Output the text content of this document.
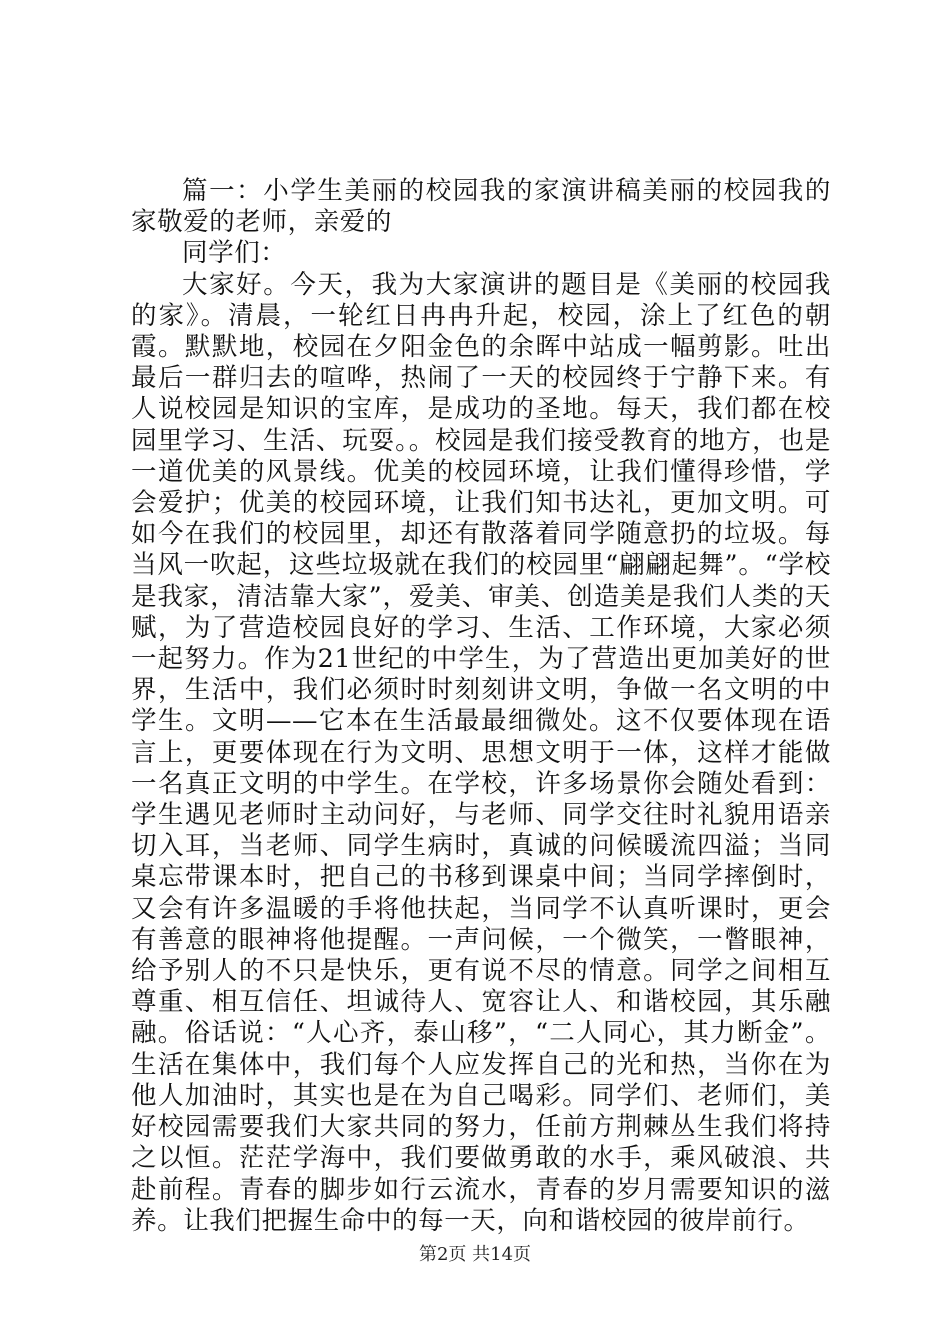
篇一：小学生美丽的校园我的家演讲稿美丽的校园我的家敬爱的老师，亲爱的

同学们：

大家好。今天，我为大家演讲的题目是《美丽的校园我的家》。清晨，一轮红日冉冉升起，校园，涂上了红色的朝霞。默默地，校园在夕阳金色的余晖中站成一幅剪影。吐出最后一群归去的喧哗，热闹了一天的校园终于宁静下来。有人说校园是知识的宝库，是成功的圣地。每天，我们都在校园里学习、生活、玩耍。。校园是我们接受教育的地方，也是一道优美的风景线。优美的校园环境，让我们懂得珍惜，学会爱护；优美的校园环境，让我们知书达礼，更加文明。可如今在我们的校园里，却还有散落着同学随意扔的垃圾。每当风一吹起，这些垃圾就在我们的校园里“翩翩起舞”。“学校是我家，清洁靠大家”，爱美、审美、创造美是我们人类的天赋，为了营造校园良好的学习、生活、工作环境，大家必须一起努力。作为21世纪的中学生，为了营造出更加美好的世界，生活中，我们必须时时刻刻讲文明，争做一名文明的中学生。文明——它本在生活最最细微处。这不仅要体现在语言上，更要体现在行为文明、思想文明于一体，这样才能做一名真正文明的中学生。在学校，许多场景你会随处看到：学生遇见老师时主动问好，与老师、同学交往时礼貌用语亲切入耳，当老师、同学生病时，真诚的问候暖流四溢；当同桌忘带课本时，把自己的书移到课桌中间；当同学摔倒时，又会有许多温暖的手将他扶起，当同学不认真听课时，更会有善意的眼神将他提醒。一声问候，一个微笑，一瞥眼神，给予别人的不只是快乐，更有说不尽的情意。同学之间相互尊重、相互信任、坦诚待人、宽容让人、和谐校园，其乐融融。俗话说：“人心齐，泰山移”，“二人同心，其力断金”。生活在集体中，我们每个人应发挥自己的光和热，当你在为他人加油时，其实也是在为自己喝彩。同学们、老师们，美好校园需要我们大家共同的努力，任前方荆棘丛生我们将持之以恒。茫茫学海中，我们要做勇敢的水手，乘风破浪、共赴前程。青春的脚步如行云流水，青春的岁月需要知识的滋养。让我们把握生命中的每一天，向和谐校园的彼岸前行。

第2页 共14页
